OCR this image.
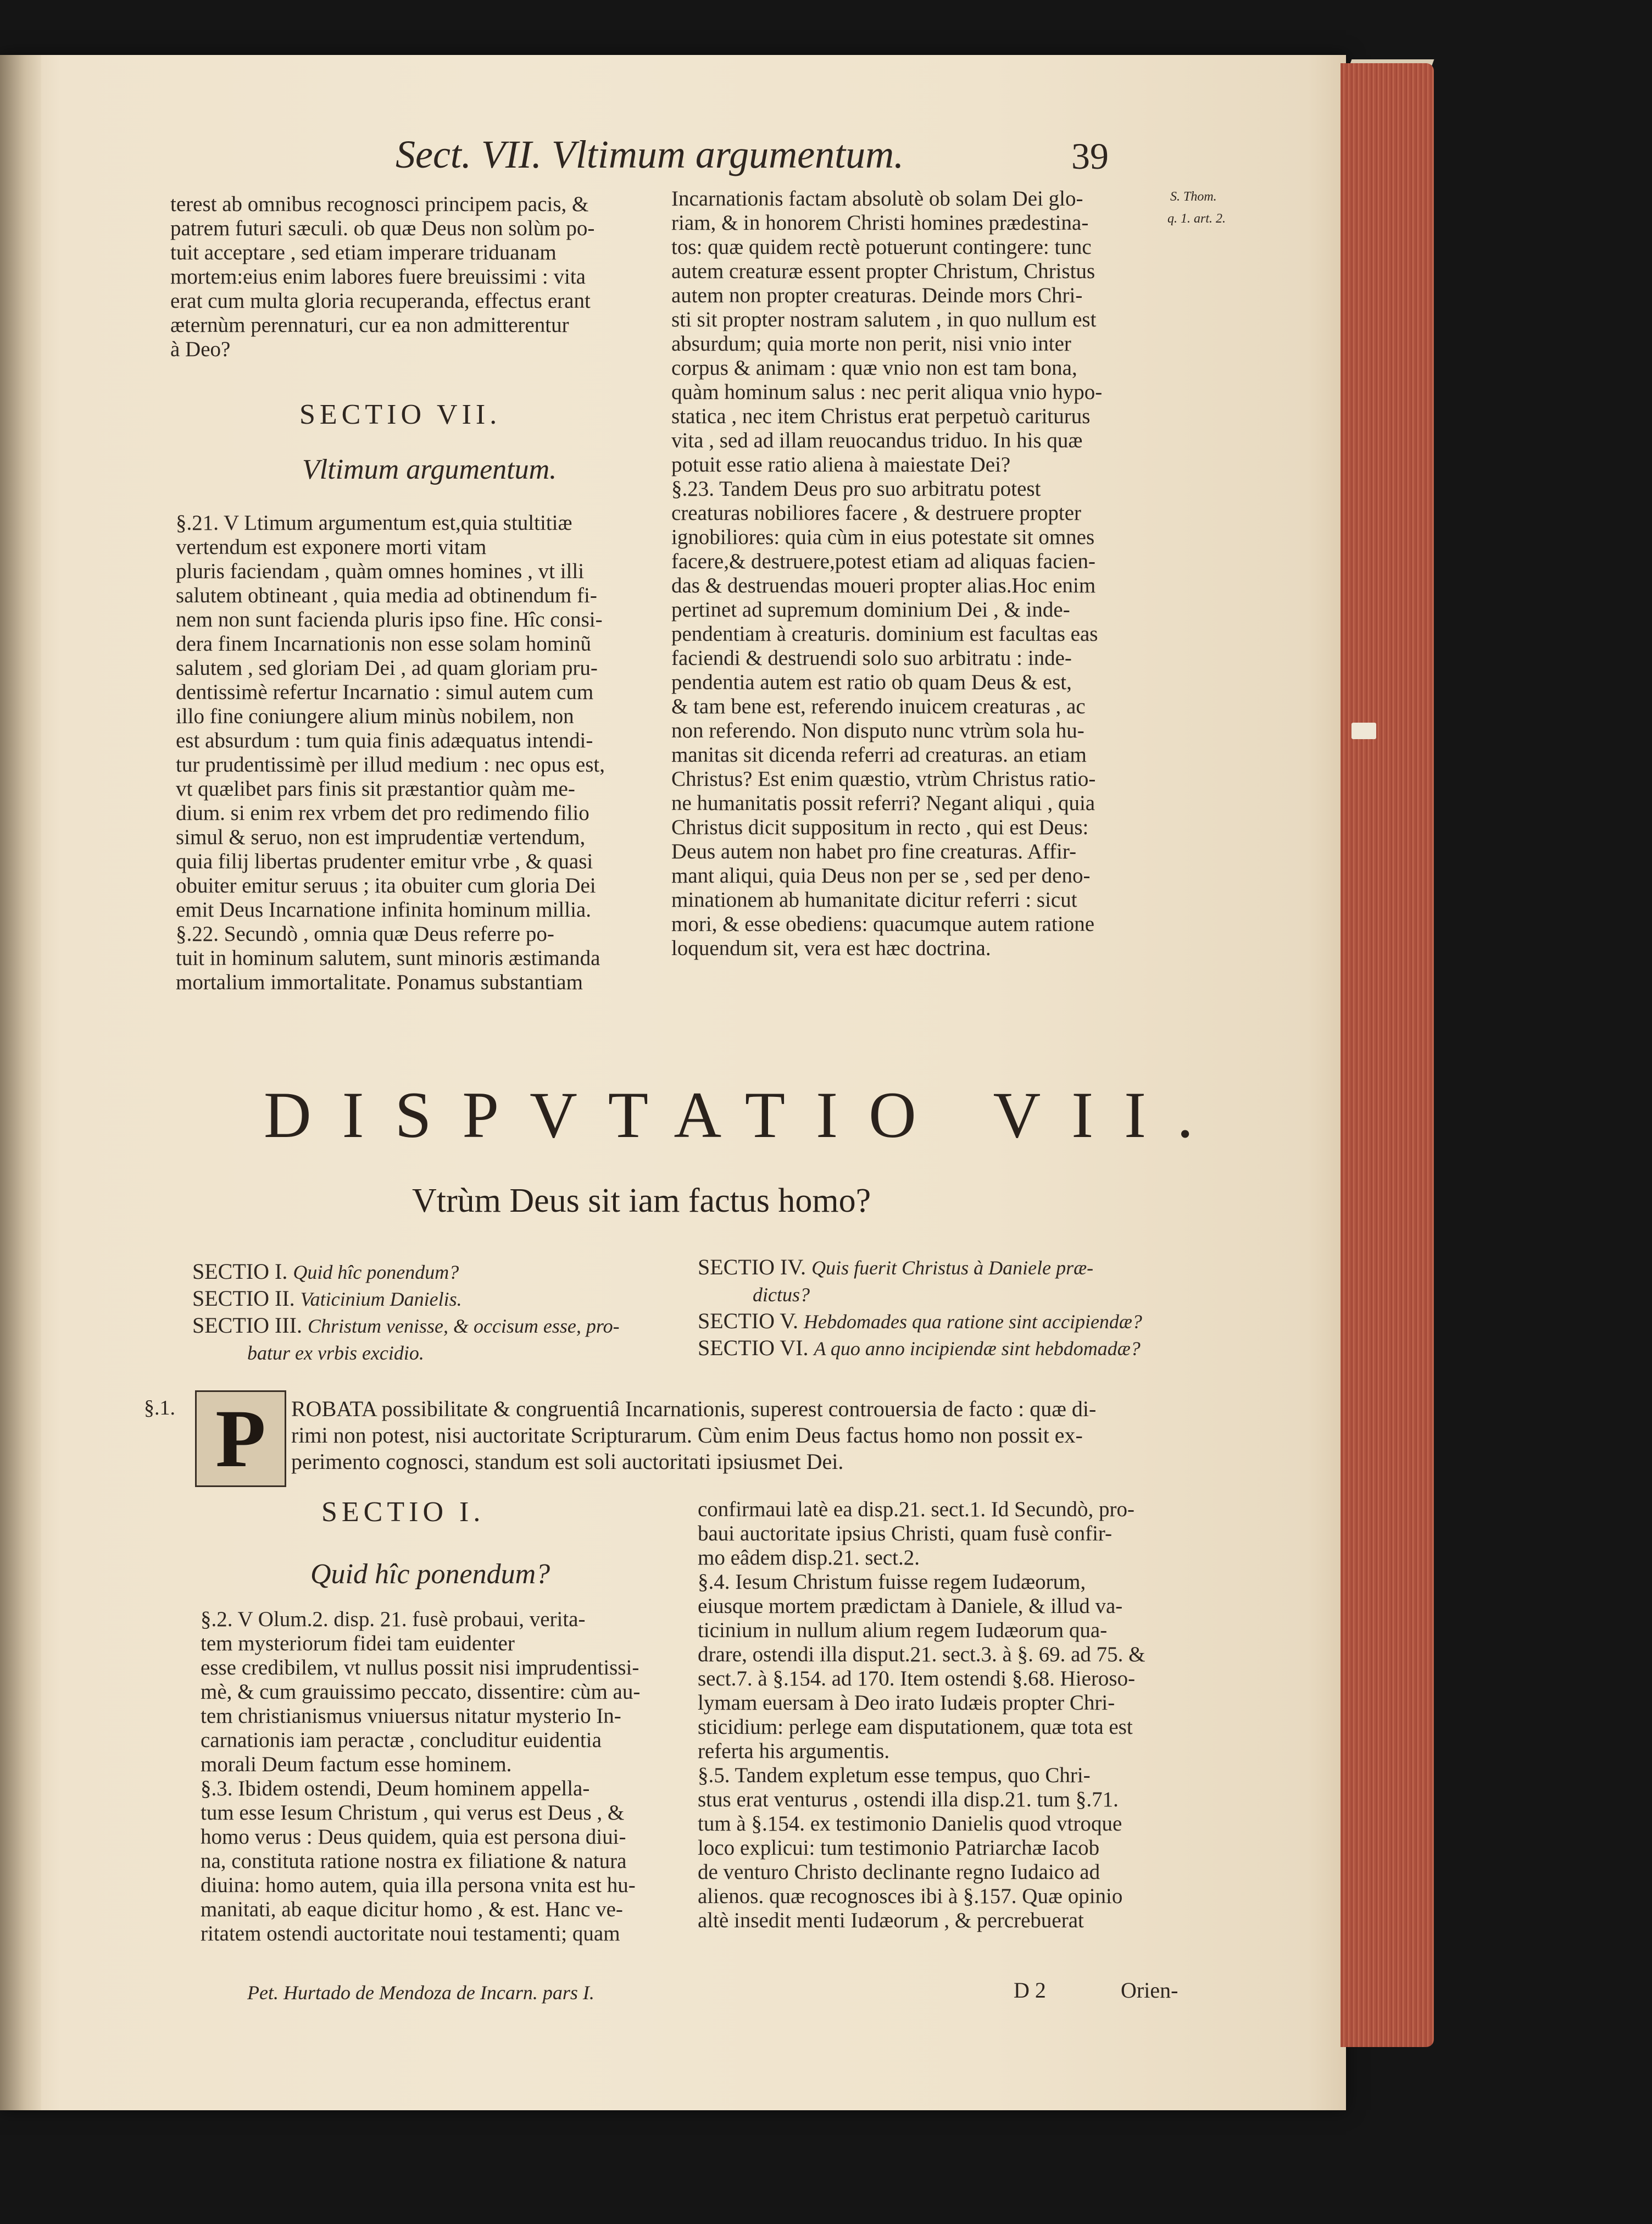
Sect. VII. Vltimum argumentum.	39

terest ab omnibus recognosci principem pacis, &

patrem futuri sæculi. ob quæ Deus non solùm po-

tuit acceptare , sed etiam imperare triduanam

mortem:eius enim labores fuere breuissimi : vita

erat cum multa gloria recuperanda, effectus erant

æternùm perennaturi, cur ea non admitterentur

à Deo?

SECTIO VII.
Vltimum argumentum.

§.21. V Ltimum argumentum est,quia stultitiæ

vertendum est exponere morti vitam

pluris faciendam , quàm omnes homines , vt illi

salutem obtineant , quia media ad obtinendum fi-

nem non sunt facienda pluris ipso fine. Hîc consi-

dera finem Incarnationis non esse solam hominũ

salutem , sed gloriam Dei , ad quam gloriam pru-

dentissimè refertur Incarnatio : simul autem cum

illo fine coniungere alium minùs nobilem, non

est absurdum : tum quia finis adæquatus intendi-

tur prudentissimè per illud medium : nec opus est,

vt quælibet pars finis sit præstantior quàm me-

dium. si enim rex vrbem det pro redimendo filio

simul & seruo, non est imprudentiæ vertendum,

quia filij libertas prudenter emitur vrbe , & quasi

obuiter emitur seruus ; ita obuiter cum gloria Dei

emit Deus Incarnatione infinita hominum millia.

§.22. Secundò , omnia quæ Deus referre po-

tuit in hominum salutem, sunt minoris æstimanda

mortalium immortalitate. Ponamus substantiam

Incarnationis factam absolutè ob solam Dei glo-

riam, & in honorem Christi homines prædestina-

tos: quæ quidem rectè potuerunt contingere: tunc

autem creaturæ essent propter Christum, Christus

autem non propter creaturas. Deinde mors Chri-

sti sit propter nostram salutem , in quo nullum est

absurdum; quia morte non perit, nisi vnio inter

corpus & animam : quæ vnio non est tam bona,

quàm hominum salus : nec perit aliqua vnio hypo-

statica , nec item Christus erat perpetuò cariturus

vita , sed ad illam reuocandus triduo. In his quæ

potuit esse ratio aliena à maiestate Dei?

§.23. Tandem Deus pro suo arbitratu potest

creaturas nobiliores facere , & destruere propter

ignobiliores: quia cùm in eius potestate sit omnes

facere,& destruere,potest etiam ad aliquas facien-

das & destruendas moueri propter alias.Hoc enim

pertinet ad supremum dominium Dei , & inde-

pendentiam à creaturis. dominium est facultas eas

faciendi & destruendi solo suo arbitratu : inde-

pendentia autem est ratio ob quam Deus & est,

& tam bene est, referendo inuicem creaturas , ac

non referendo. Non disputo nunc vtrùm sola hu-

manitas sit dicenda referri ad creaturas. an etiam

Christus? Est enim quæstio, vtrùm Christus ratio-

ne humanitatis possit referri? Negant aliqui , quia

Christus dicit suppositum in recto , qui est Deus:

Deus autem non habet pro fine creaturas. Affir-

mant aliqui, quia Deus non per se , sed per deno-

minationem ab humanitate dicitur referri : sicut

mori, & esse obediens: quacumque autem ratione

loquendum sit, vera est hæc doctrina.

S. Thom.
q. 1. art. 2.
DISPVTATIO VII.
Vtrùm Deus sit iam factus homo?
SECTIO I. Quid hîc ponendum?
SECTIO II. Vaticinium Danielis.
SECTIO III. Christum venisse, & occisum esse, pro-
batur ex vrbis excidio.
SECTIO IV. Quis fuerit Christus à Daniele præ-
dictus?
SECTIO V. Hebdomades qua ratione sint accipiendæ?
SECTIO VI. A quo anno incipiendæ sint hebdomadæ?
§.1. P	ROBATA possibilitate & congruentiâ Incarnationis, superest controuersia de facto : quæ di-

rimi non potest, nisi auctoritate Scripturarum. Cùm enim Deus factus homo non possit ex-

perimento cognosci, standum est soli auctoritati ipsiusmet Dei.

SECTIO I.
Quid hîc ponendum?

§.2. V Olum.2. disp. 21. fusè probaui, verita-

tem mysteriorum fidei tam euidenter

esse credibilem, vt nullus possit nisi imprudentissi-

mè, & cum grauissimo peccato, dissentire: cùm au-

tem christianismus vniuersus nitatur mysterio In-

carnationis iam peractæ , concluditur euidentia

morali Deum factum esse hominem.

§.3. Ibidem ostendi, Deum hominem appella-

tum esse Iesum Christum , qui verus est Deus , &

homo verus : Deus quidem, quia est persona diui-

na, constituta ratione nostra ex filiatione & natura

diuina: homo autem, quia illa persona vnita est hu-

manitati, ab eaque dicitur homo , & est. Hanc ve-

ritatem ostendi auctoritate noui testamenti; quam

confirmaui latè ea disp.21. sect.1. Id Secundò, pro-

baui auctoritate ipsius Christi, quam fusè confir-

mo eâdem disp.21. sect.2.

§.4. Iesum Christum fuisse regem Iudæorum,

eiusque mortem prædictam à Daniele, & illud va-

ticinium in nullum alium regem Iudæorum qua-

drare, ostendi illa disput.21. sect.3. à §. 69. ad 75. &

sect.7. à §.154. ad 170. Item ostendi §.68. Hieroso-

lymam euersam à Deo irato Iudæis propter Chri-

sticidium: perlege eam disputationem, quæ tota est

referta his argumentis.

§.5. Tandem expletum esse tempus, quo Chri-

stus erat venturus , ostendi illa disp.21. tum §.71.

tum à §.154. ex testimonio Danielis quod vtroque

loco explicui: tum testimonio Patriarchæ Iacob

de venturo Christo declinante regno Iudaico ad

alienos. quæ recognosces ibi à §.157. Quæ opinio

altè insedit menti Iudæorum , & percrebuerat

Pet. Hurtado de Mendoza de Incarn. pars I.	D 2	Orien-
